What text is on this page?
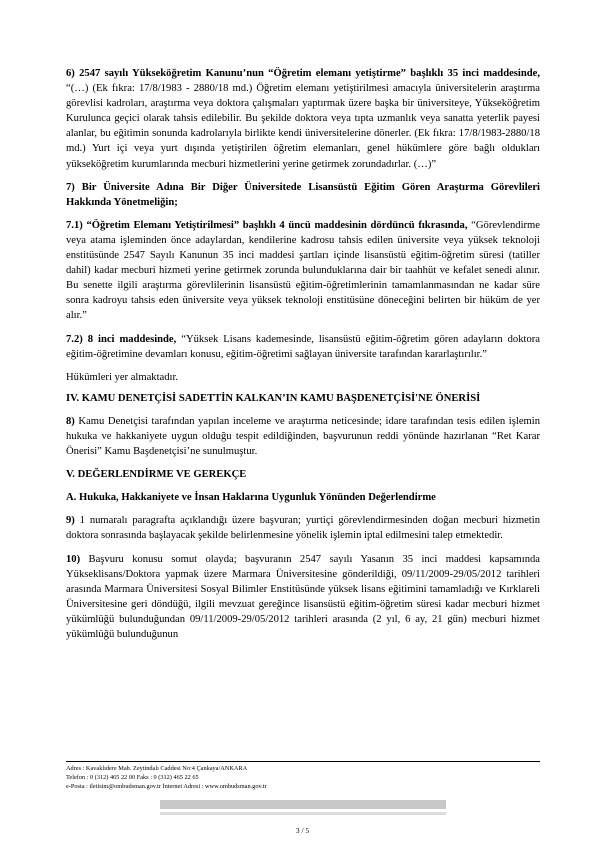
6) 2547 sayılı Yükseköğretim Kanunu’nun “Öğretim elemanı yetiştirme” başlıklı 35 inci maddesinde, “(…) (Ek fıkra: 17/8/1983 - 2880/18 md.) Öğretim elemanı yetiştirilmesi amacıyla üniversitelerin araştırma görevlisi kadroları, araştırma veya doktora çalışmaları yaptırmak üzere başka bir üniversiteye, Yükseköğretim Kurulunca geçici olarak tahsis edilebilir. Bu şekilde doktora veya tıpta uzmanlık veya sanatta yeterlik payesi alanlar, bu eğitimin sonunda kadrolarıyla birlikte kendi üniversitelerine dönerler. (Ek fıkra: 17/8/1983-2880/18 md.) Yurt içi veya yurt dışında yetiştirilen öğretim elemanları, genel hükümlere göre bağlı oldukları yükseköğretim kurumlarında mecburi hizmetlerini yerine getirmek zorundadırlar. (…)”

7) Bir Üniversite Adına Bir Diğer Üniversitede Lisansüstü Eğitim Gören Araştırma Görevlileri Hakkında Yönetmeliğin;

7.1) “Öğretim Elemanı Yetiştirilmesi” başlıklı 4 üncü maddesinin dördüncü fıkrasında, “Görevlendirme veya atama işleminden önce adaylardan, kendilerine kadrosu tahsis edilen üniversite veya yüksek teknoloji enstitüsünde 2547 Sayılı Kanunun 35 inci maddesi şartları içinde lisansüstü eğitim-öğretim süresi (tatiller dahil) kadar mecburi hizmeti yerine getirmek zorunda bulunduklarına dair bir taahhüt ve kefalet senedi alınır. Bu senette ilgili araştırma görevlilerinin lisansüstü eğitim-öğretimlerinin tamamlanmasından ne kadar süre sonra kadroyu tahsis eden üniversite veya yüksek teknoloji enstitüsüne döneceğini belirten bir hüküm de yer alır.”

7.2) 8 inci maddesinde, “Yüksek Lisans kademesinde, lisansüstü eğitim-öğretim gören adayların doktora eğitim-öğretimine devamları konusu, eğitim-öğretimi sağlayan üniversite tarafından kararlaştırılır.”

Hükümleri yer almaktadır.

IV. KAMU DENETÇİSİ SADETTİN KALKAN’IN KAMU BAŞDENETÇİSİ'NE ÖNERİSİ

8) Kamu Denetçisi tarafından yapılan inceleme ve araştırma neticesinde; idare tarafından tesis edilen işlemin hukuka ve hakkaniyete uygun olduğu tespit edildiğinden, başvurunun reddi yönünde hazırlanan “Ret Karar Önerisi” Kamu Başdenetçisi’ne sunulmuştur.

V. DEĞERLENDİRME VE GEREKÇE

A. Hukuka, Hakkaniyete ve İnsan Haklarına Uygunluk Yönünden Değerlendirme

9) 1 numaralı paragrafta açıklandığı üzere başvuran; yurtiçi görevlendirmesinden doğan mecburi hizmetin doktora sonrasında başlayacak şekilde belirlenmesine yönelik işlemin iptal edilmesini talep etmektedir.

10) Başvuru konusu somut olayda; başvuranın 2547 sayılı Yasanın 35 inci maddesi kapsamında Yükseklisans/Doktora yapmak üzere Marmara Üniversitesine gönderildiği, 09/11/2009-29/05/2012 tarihleri arasında Marmara Üniversitesi Sosyal Bilimler Enstitüsünde yüksek lisans eğitimini tamamladığı ve Kırklareli Üniversitesine geri döndüğü, ilgili mevzuat gereğince lisansüstü eğitim-öğretim süresi kadar mecburi hizmet yükümlüğü bulunduğundan 09/11/2009-29/05/2012 tarihleri arasında (2 yıl, 6 ay, 21 gün) mecburi hizmet yükümlüğü bulunduğunun

Adres : Kavaklıdere Mah. Zeytindalı Caddesi No:4 Çankaya/ANKARA
Telefon : 0 (312) 465 22 00 Faks : 0 (312) 465 22 65
e-Posta : iletisim@ombudsman.gov.tr İnternet Adresi : www.ombudsman.gov.tr
3 / 5
